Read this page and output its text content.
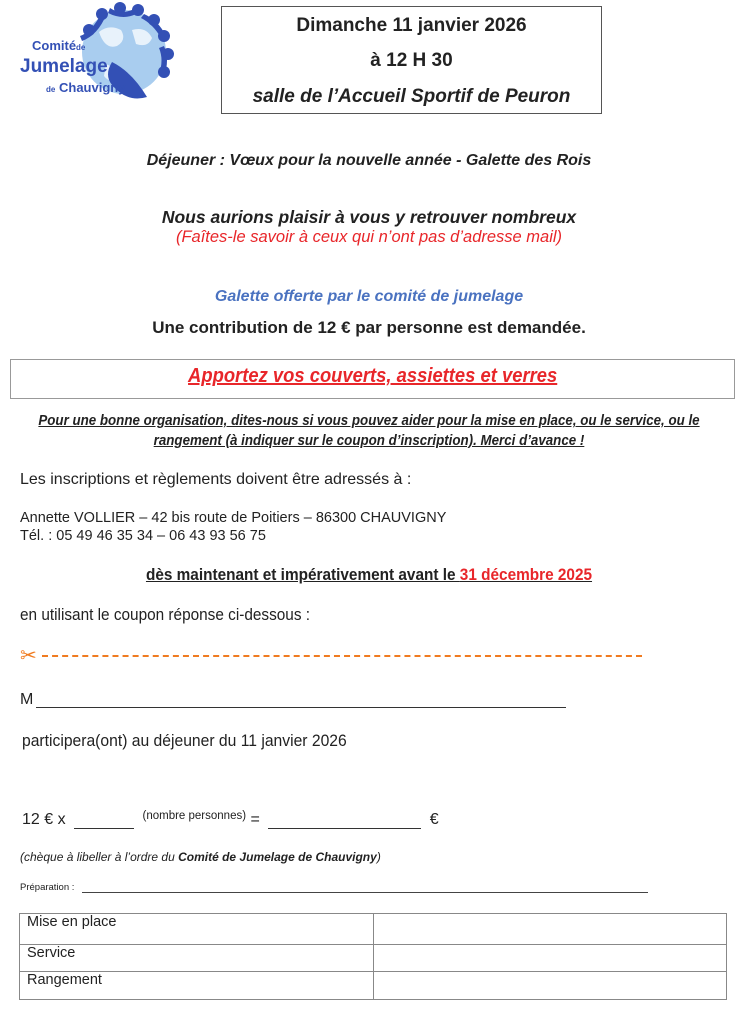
Comité de
Jumelage
de Chauvigny
Dimanche 11 janvier 2026
à 12 H 30
salle de l’Accueil Sportif de Peuron
Déjeuner : Vœux pour la nouvelle année - Galette des Rois
Nous aurions plaisir à vous y retrouver nombreux
(Faîtes-le savoir à ceux qui n’ont pas d’adresse mail)
Galette offerte par le comité de jumelage
Une contribution de 12 € par personne est demandée.
Apportez vos couverts, assiettes et verres
Pour une bonne organisation, dites-nous si vous pouvez aider pour la mise en place, ou le service, ou le rangement (à indiquer sur le coupon d’inscription). Merci d’avance !
Les inscriptions et règlements doivent être adressés à :
Annette VOLLIER – 42 bis route de Poitiers – 86300 CHAUVIGNY
Tél. : 05 49 46 35 34 – 06 43 93 56 75
dès maintenant et impérativement avant le 31 décembre 2025
en utilisant le coupon réponse ci-dessous :
✂
M
participera(ont) au déjeuner du 11 janvier 2026
12 € x	$^{(nombre personnes)}$ =	€
(chèque à libeller à l’ordre du Comité de Jumelage de Chauvigny)
Préparation :
Mise en place	
Service	
Rangement	
